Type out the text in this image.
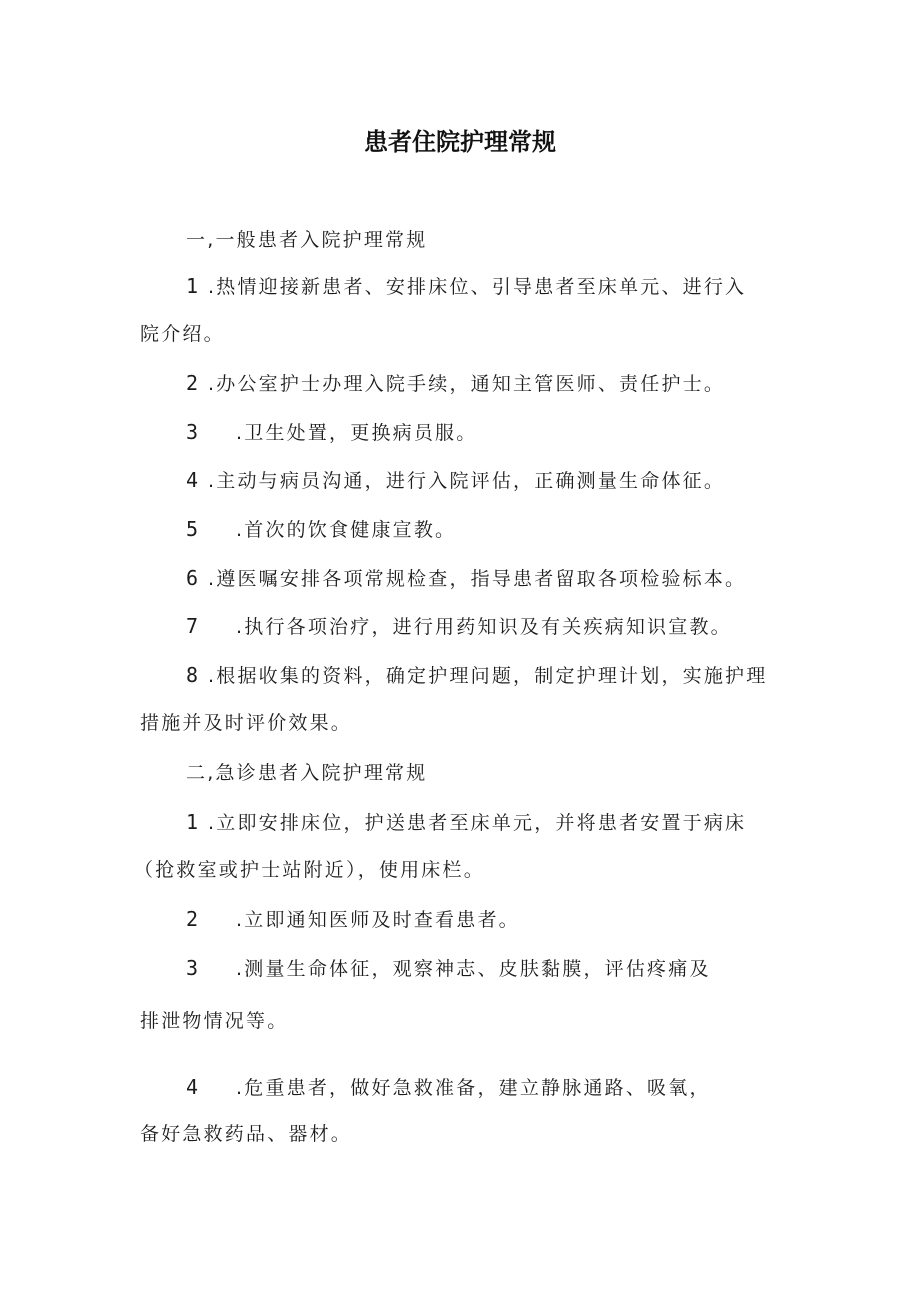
患者住院护理常规
一,一般患者入院护理常规
1 .热情迎接新患者、安排床位、引导患者至床单元、进行入
院介绍。
2 .办公室护士办理入院手续，通知主管医师、责任护士。
3 .卫生处置，更换病员服。
4 .主动与病员沟通，进行入院评估，正确测量生命体征。
5 .首次的饮食健康宣教。
6 .遵医嘱安排各项常规检查，指导患者留取各项检验标本。
7 .执行各项治疗，进行用药知识及有关疾病知识宣教。
8 .根据收集的资料，确定护理问题，制定护理计划，实施护理
措施并及时评价效果。
二,急诊患者入院护理常规
1 .立即安排床位，护送患者至床单元，并将患者安置于病床
（抢救室或护士站附近），使用床栏。
2 .立即通知医师及时查看患者。
3 .测量生命体征，观察神志、皮肤黏膜，评估疼痛及
排泄物情况等。
4 .危重患者，做好急救准备，建立静脉通路、吸氧，
备好急救药品、器材。
